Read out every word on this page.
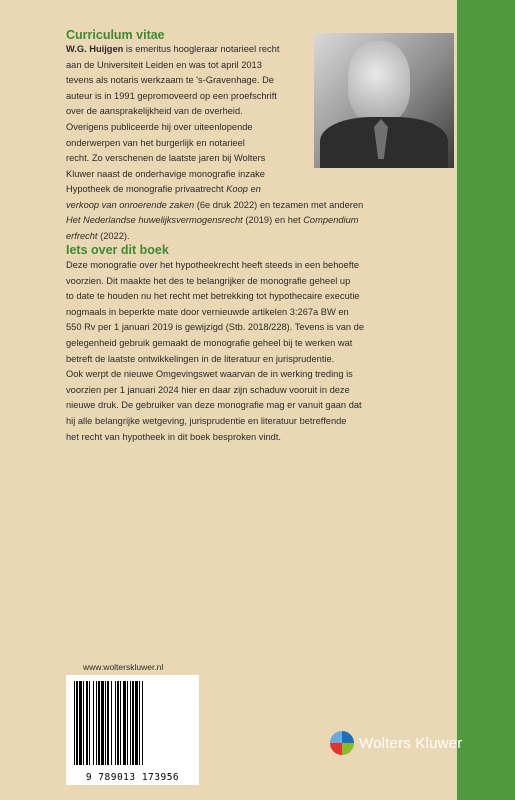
Curriculum vitae
W.G. Huijgen is emeritus hoogleraar notarieel recht
aan de Universiteit Leiden en was tot april 2013
tevens als notaris werkzaam te 's-Gravenhage. De
auteur is in 1991 gepromoveerd op een proefschrift
over de aansprakelijkheid van de overheid.
Overigens publiceerde hij over uiteenlopende
onderwerpen van het burgerlijk en notarieel
recht. Zo verschenen de laatste jaren bij Wolters
Kluwer naast de onderhavige monografie inzake
Hypotheek de monografie privaatrecht Koop en
verkoop van onroerende zaken (6e druk 2022) en tezamen met anderen
Het Nederlandse huwelijksvermogensrecht (2019) en het Compendium
erfrecht (2022).
Iets over dit boek
Deze monografie over het hypotheekrecht heeft steeds in een behoefte
voorzien. Dit maakte het des te belangrijker de monografie geheel up
to date te houden nu het recht met betrekking tot hypothecaire executie
nogmaals in beperkte mate door vernieuwde artikelen 3:267a BW en
550 Rv per 1 januari 2019 is gewijzigd (Stb. 2018/228). Tevens is van de
gelegenheid gebruik gemaakt de monografie geheel bij te werken wat
betreft de laatste ontwikkelingen in de literatuur en jurisprudentie.
Ook werpt de nieuwe Omgevingswet waarvan de in werking treding is
voorzien per 1 januari 2024 hier en daar zijn schaduw vooruit in deze
nieuwe druk. De gebruiker van deze monografie mag er vanuit gaan dat
hij alle belangrijke wetgeving, jurisprudentie en literatuur betreffende
het recht van hypotheek in dit boek besproken vindt.
www.wolterskluwer.nl
9 789013 173956
Wolters Kluwer
